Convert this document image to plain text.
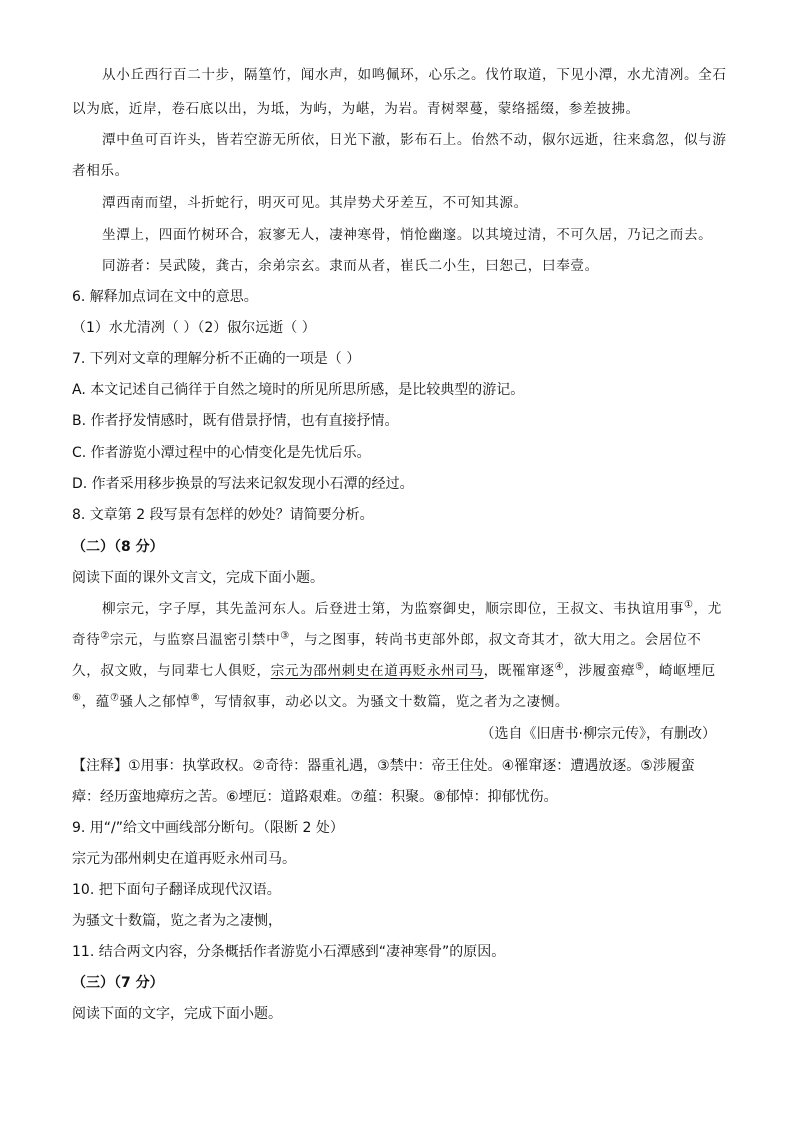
从小丘西行百二十步，隔篁竹，闻水声，如鸣佩环，心乐之。伐竹取道，下见小潭，水尤清冽。全石
以为底，近岸，卷石底以出，为坻，为屿，为嵁，为岩。青树翠蔓，蒙络摇缀，参差披拂。
潭中鱼可百许头，皆若空游无所依，日光下澈，影布石上。佁然不动，俶尔远逝，往来翕忽，似与游
者相乐。
潭西南而望，斗折蛇行，明灭可见。其岸势犬牙差互，不可知其源。
坐潭上，四面竹树环合，寂寥无人，凄神寒骨，悄怆幽邃。以其境过清，不可久居，乃记之而去。
同游者：吴武陵，龚古，余弟宗玄。隶而从者，崔氏二小生，曰恕己，曰奉壹。
6. 解释加点词在文中的意思。
（1）水尤清冽（ ）（2）俶尔远逝（ ）
7. 下列对文章的理解分析不正确的一项是（ ）
A. 本文记述自己徜徉于自然之境时的所见所思所感，是比较典型的游记。
B. 作者抒发情感时，既有借景抒情，也有直接抒情。
C. 作者游览小潭过程中的心情变化是先忧后乐。
D. 作者采用移步换景的写法来记叙发现小石潭的经过。
8. 文章第 2 段写景有怎样的妙处？请简要分析。
（二）（8 分）
阅读下面的课外文言文，完成下面小题。
柳宗元，字子厚，其先盖河东人。后登进士第，为监察御史，顺宗即位，王叔文、韦执谊用事①，尤
奇待②宗元，与监察吕温密引禁中③，与之图事，转尚书吏部外郎，叔文奇其才，欲大用之。会居位不
久，叔文败，与同辈七人俱贬，宗元为邵州刺史在道再贬永州司马，既罹窜逐④，涉履蛮瘴⑤，崎岖堙厄
⑥，蕴⑦骚人之郁悼⑧，写情叙事，动必以文。为骚文十数篇，览之者为之凄恻。
（选自《旧唐书·柳宗元传》，有删改）
【注释】①用事：执掌政权。②奇待：器重礼遇，③禁中：帝王住处。④罹窜逐：遭遇放逐。⑤涉履蛮
瘴：经历蛮地瘴疠之苦。⑥堙厄：道路艰难。⑦蕴：积聚。⑧郁悼：抑郁忧伤。
9. 用“/”给文中画线部分断句。（限断 2 处）
宗元为邵州刺史在道再贬永州司马。
10. 把下面句子翻译成现代汉语。
为骚文十数篇，览之者为之凄恻，
11. 结合两文内容，分条概括作者游览小石潭感到“凄神寒骨”的原因。
（三）（7 分）
阅读下面的文字，完成下面小题。
